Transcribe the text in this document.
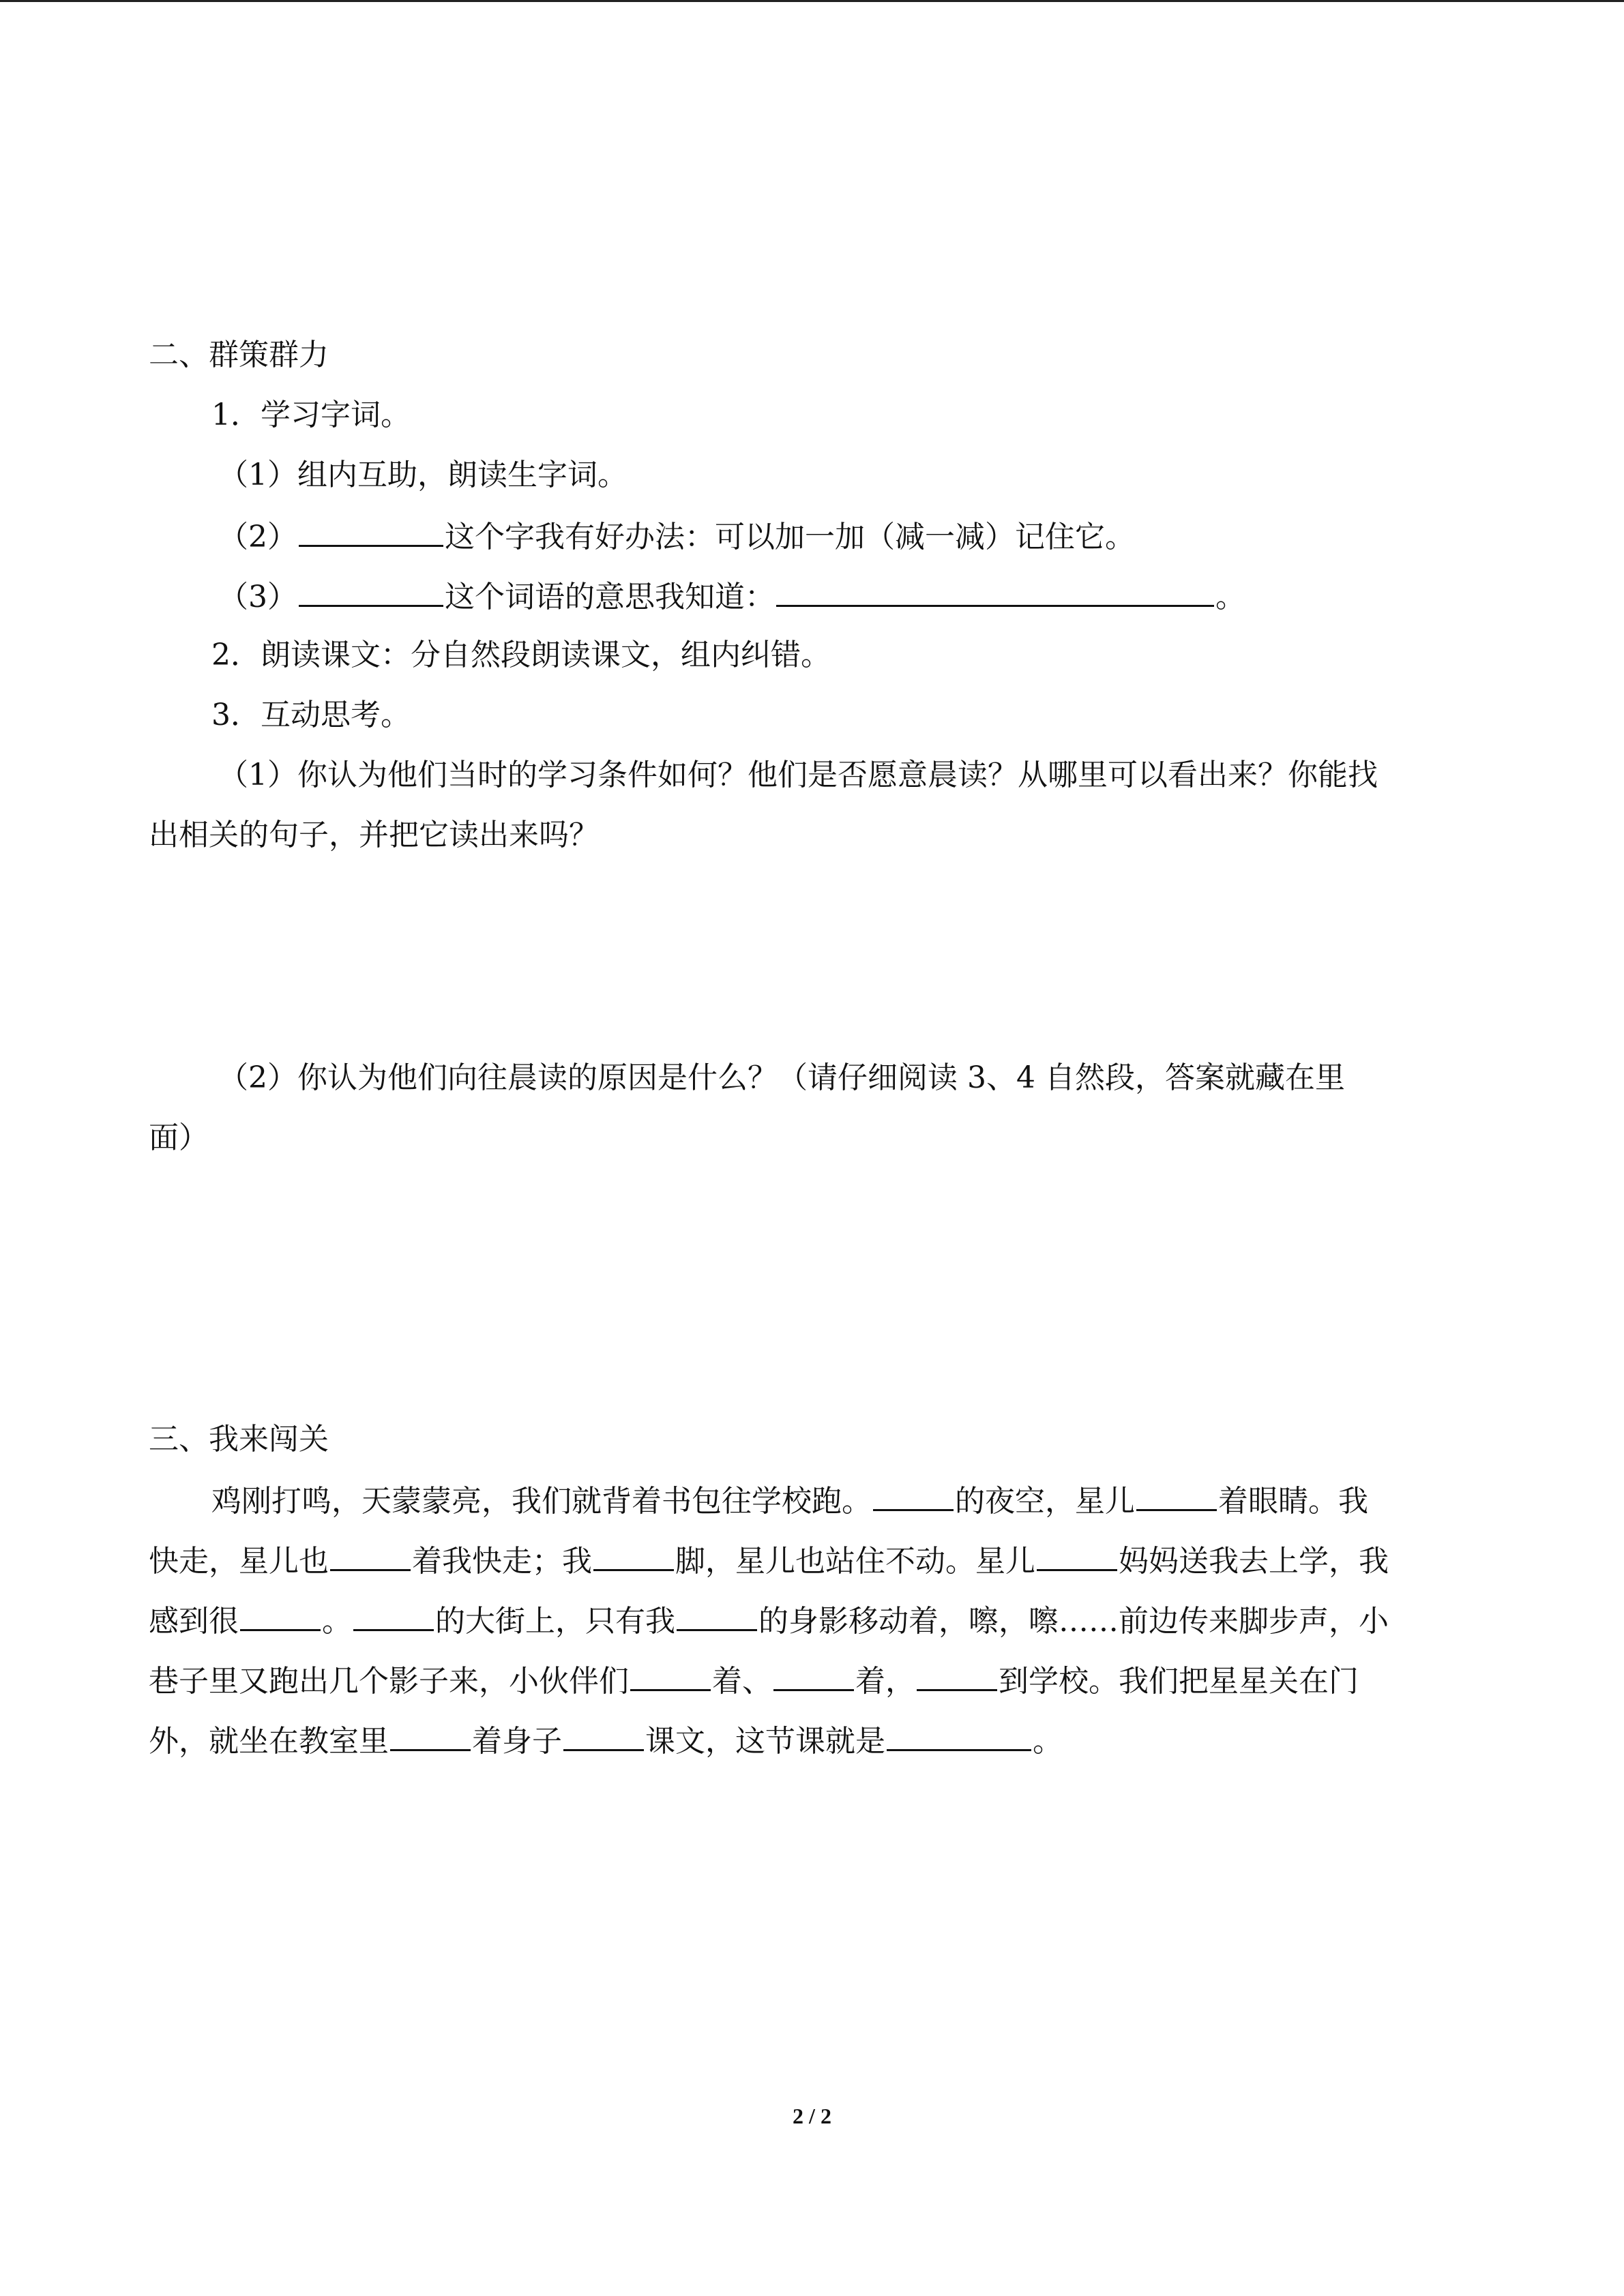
二、群策群力
1．学习字词。
（1）组内互助，朗读生字词。
（2）	这个字我有好办法：可以加一加（减一减）记住它。
（3）	这个词语的意思我知道：	。
2．朗读课文：分自然段朗读课文，组内纠错。
3．互动思考。
（1）你认为他们当时的学习条件如何？他们是否愿意晨读？从哪里可以看出来？你能找
出相关的句子，并把它读出来吗？
（2）你认为他们向往晨读的原因是什么？（请仔细阅读 3、4 自然段，答案就藏在里
面）
三、我来闯关
鸡刚打鸣，天蒙蒙亮，我们就背着书包往学校跑。	的夜空，星儿	着眼睛。我
快走，星儿也	着我快走；我	脚，星儿也站住不动。星儿	妈妈送我去上学，我
感到很	。	的大街上，只有我	的身影移动着，嚓，嚓……前边传来脚步声，小
巷子里又跑出几个影子来，小伙伴们	着、	着，	到学校。我们把星星关在门
外，就坐在教室里	着身子	课文，这节课就是	。
2 / 2
